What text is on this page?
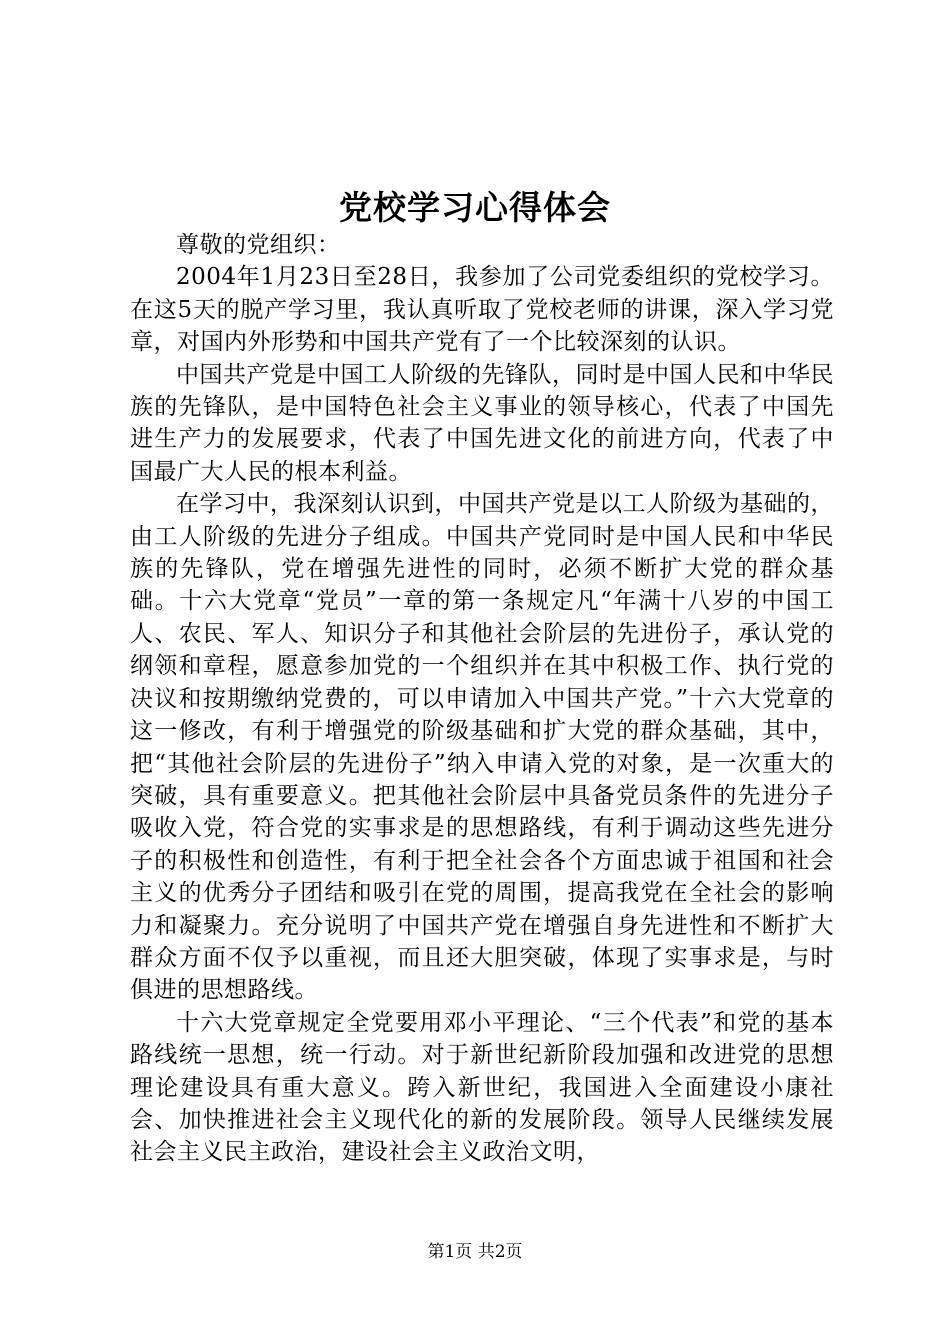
党校学习心得体会

尊敬的党组织：

2004年1月23日至28日，我参加了公司党委组织的党校学习。在这5天的脱产学习里，我认真听取了党校老师的讲课，深入学习党章，对国内外形势和中国共产党有了一个比较深刻的认识。

中国共产党是中国工人阶级的先锋队，同时是中国人民和中华民族的先锋队，是中国特色社会主义事业的领导核心，代表了中国先进生产力的发展要求，代表了中国先进文化的前进方向，代表了中国最广大人民的根本利益。

在学习中，我深刻认识到，中国共产党是以工人阶级为基础的，由工人阶级的先进分子组成。中国共产党同时是中国人民和中华民族的先锋队，党在增强先进性的同时，必须不断扩大党的群众基础。十六大党章“党员”一章的第一条规定凡“年满十八岁的中国工人、农民、军人、知识分子和其他社会阶层的先进份子，承认党的纲领和章程，愿意参加党的一个组织并在其中积极工作、执行党的决议和按期缴纳党费的，可以申请加入中国共产党。”十六大党章的这一修改，有利于增强党的阶级基础和扩大党的群众基础，其中，把“其他社会阶层的先进份子”纳入申请入党的对象，是一次重大的突破，具有重要意义。把其他社会阶层中具备党员条件的先进分子吸收入党，符合党的实事求是的思想路线，有利于调动这些先进分子的积极性和创造性，有利于把全社会各个方面忠诚于祖国和社会主义的优秀分子团结和吸引在党的周围，提高我党在全社会的影响力和凝聚力。充分说明了中国共产党在增强自身先进性和不断扩大群众方面不仅予以重视，而且还大胆突破，体现了实事求是，与时俱进的思想路线。

十六大党章规定全党要用邓小平理论、“三个代表”和党的基本路线统一思想，统一行动。对于新世纪新阶段加强和改进党的思想理论建设具有重大意义。跨入新世纪，我国进入全面建设小康社会、加快推进社会主义现代化的新的发展阶段。领导人民继续发展社会主义民主政治，建设社会主义政治文明，

第1页 共2页
